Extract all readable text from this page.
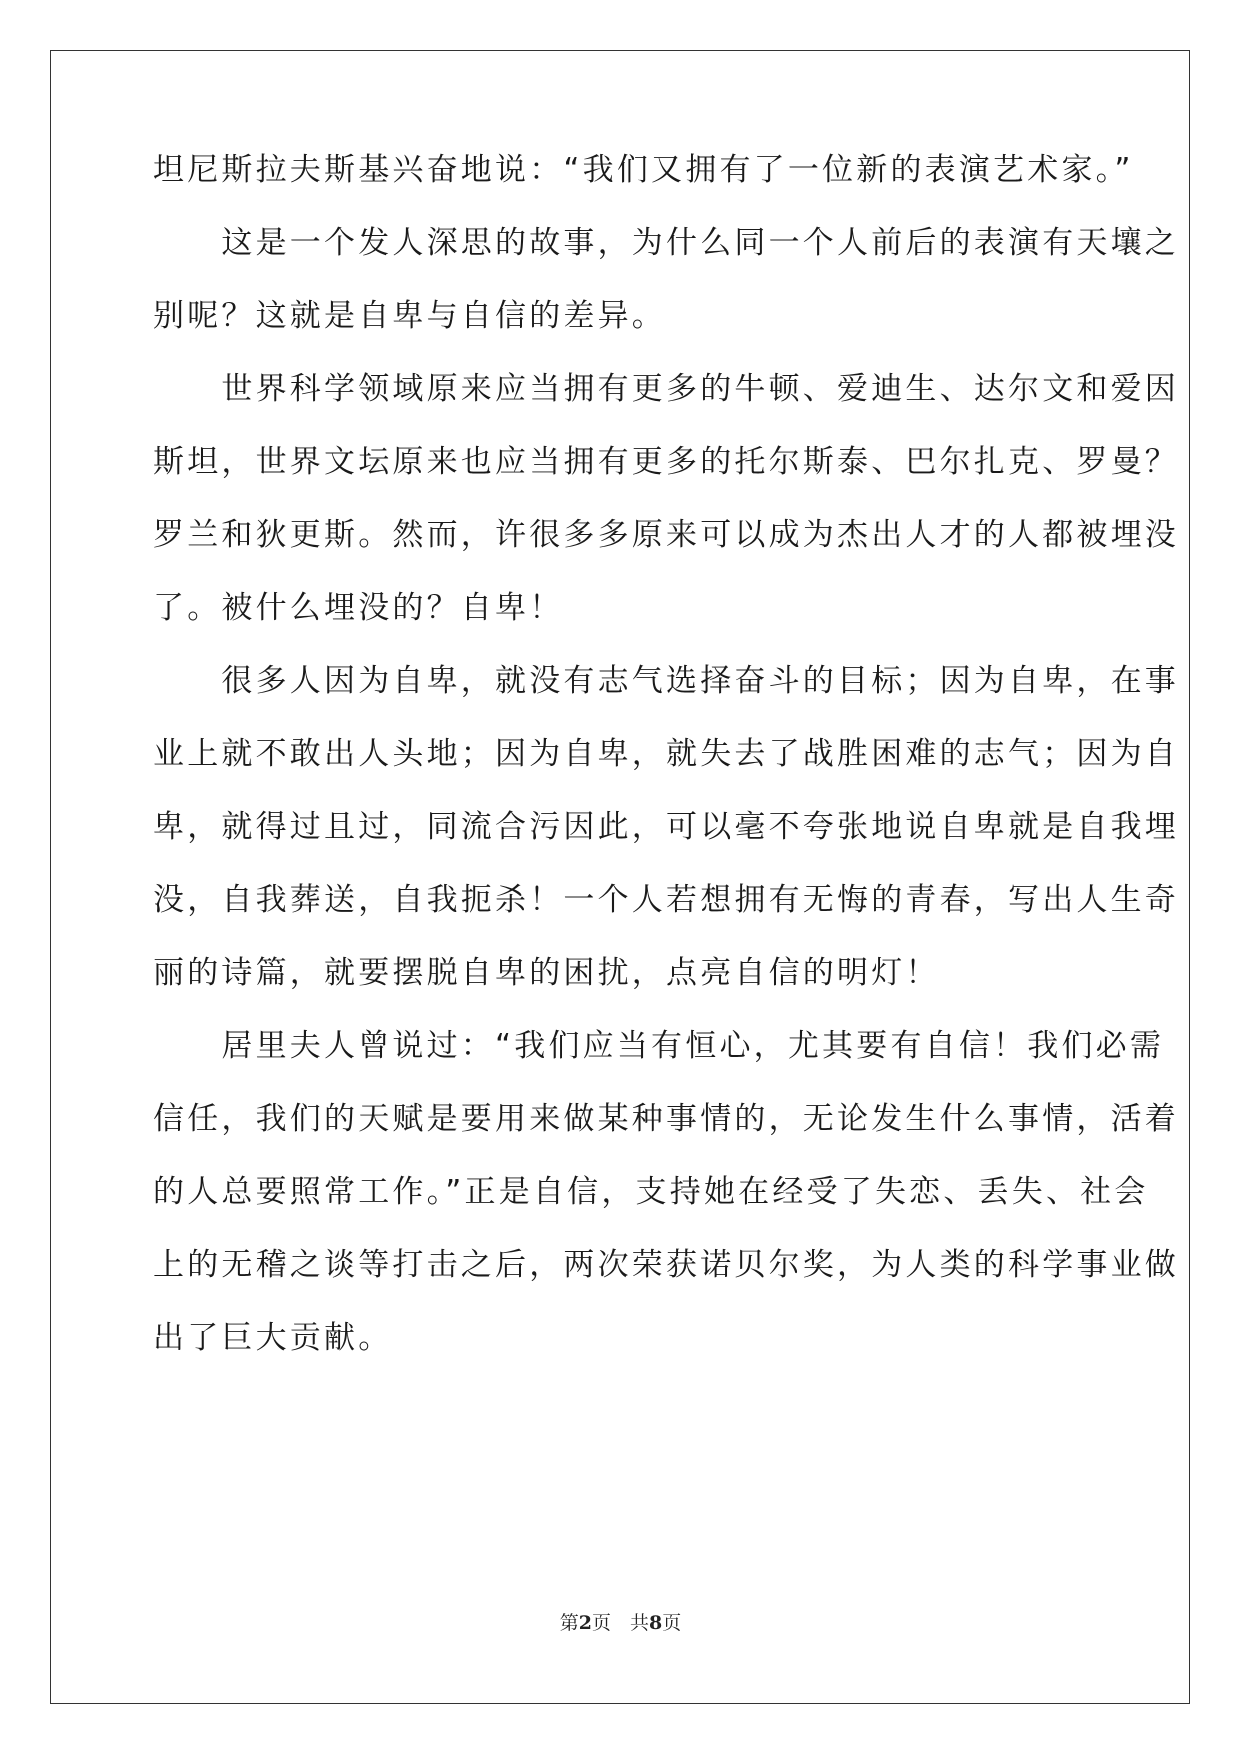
坦尼斯拉夫斯基兴奋地说：“我们又拥有了一位新的表演艺术家。”
　　这是一个发人深思的故事，为什么同一个人前后的表演有天壤之
别呢？这就是自卑与自信的差异。
　　世界科学领域原来应当拥有更多的牛顿、爱迪生、达尔文和爱因
斯坦，世界文坛原来也应当拥有更多的托尔斯泰、巴尔扎克、罗曼？
罗兰和狄更斯。然而，许很多多原来可以成为杰出人才的人都被埋没
了。被什么埋没的？自卑！
　　很多人因为自卑，就没有志气选择奋斗的目标；因为自卑，在事
业上就不敢出人头地；因为自卑，就失去了战胜困难的志气；因为自
卑，就得过且过，同流合污因此，可以毫不夸张地说自卑就是自我埋
没，自我葬送，自我扼杀！一个人若想拥有无悔的青春，写出人生奇
丽的诗篇，就要摆脱自卑的困扰，点亮自信的明灯！
　　居里夫人曾说过：“我们应当有恒心，尤其要有自信！我们必需
信任，我们的天赋是要用来做某种事情的，无论发生什么事情，活着
的人总要照常工作。”正是自信，支持她在经受了失恋、丢失、社会
上的无稽之谈等打击之后，两次荣获诺贝尔奖，为人类的科学事业做
出了巨大贡献。
第2页　共8页
